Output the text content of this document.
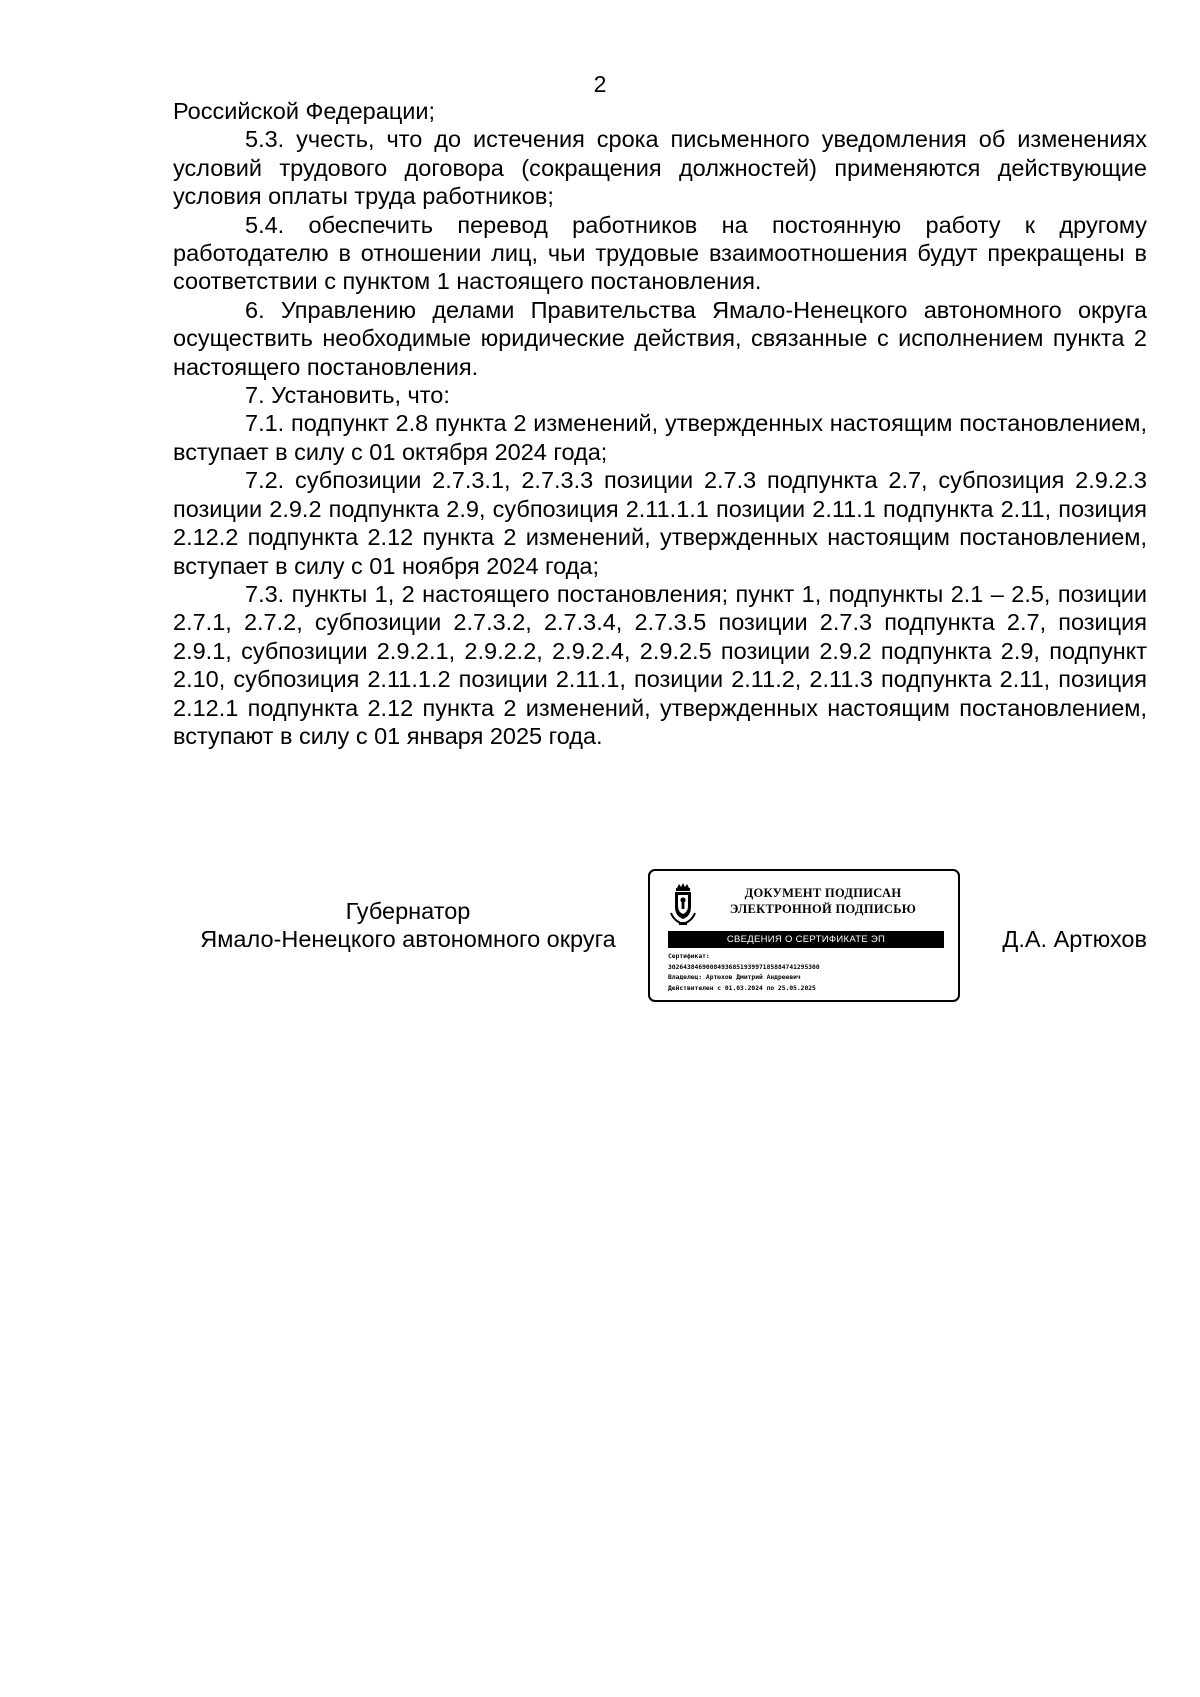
2

Российской Федерации;

5.3. учесть, что до истечения срока письменного уведомления об изменениях условий трудового договора (сокращения должностей) применяются действующие условия оплаты труда работников;

5.4. обеспечить перевод работников на постоянную работу к другому работодателю в отношении лиц, чьи трудовые взаимоотношения будут прекращены в соответствии с пунктом 1 настоящего постановления.

6. Управлению делами Правительства Ямало-Ненецкого автономного округа осуществить необходимые юридические действия, связанные с исполнением пункта 2 настоящего постановления.

7. Установить, что:

7.1. подпункт 2.8 пункта 2 изменений, утвержденных настоящим постановлением, вступает в силу с 01 октября 2024 года;

7.2. субпозиции 2.7.3.1, 2.7.3.3 позиции 2.7.3 подпункта 2.7, субпозиция 2.9.2.3 позиции 2.9.2 подпункта 2.9, субпозиция 2.11.1.1 позиции 2.11.1 подпункта 2.11, позиция 2.12.2 подпункта 2.12 пункта 2 изменений, утвержденных настоящим постановлением, вступает в силу с 01 ноября 2024 года;

7.3. пункты 1, 2 настоящего постановления; пункт 1, подпункты 2.1 – 2.5, позиции 2.7.1, 2.7.2, субпозиции 2.7.3.2, 2.7.3.4, 2.7.3.5 позиции 2.7.3 подпункта 2.7, позиция 2.9.1, субпозиции 2.9.2.1, 2.9.2.2, 2.9.2.4, 2.9.2.5 позиции 2.9.2 подпункта 2.9, подпункт 2.10, субпозиция 2.11.1.2 позиции 2.11.1, позиции 2.11.2, 2.11.3 подпункта 2.11, позиция 2.12.1 подпункта 2.12 пункта 2 изменений, утвержденных настоящим постановлением, вступают в силу с 01 января 2025 года.

Губернатор
Ямало-Ненецкого автономного округа
ДОКУМЕНТ ПОДПИСАН
ЭЛЕКТРОННОЙ ПОДПИСЬЮ
СВЕДЕНИЯ О СЕРТИФИКАТЕ ЭП
Сертификат:
3026438469008493685193997185884741295300
Владелец: Артюхов Дмитрий Андреевич
Действителен с 01.03.2024 по 25.05.2025
Д.А. Артюхов
